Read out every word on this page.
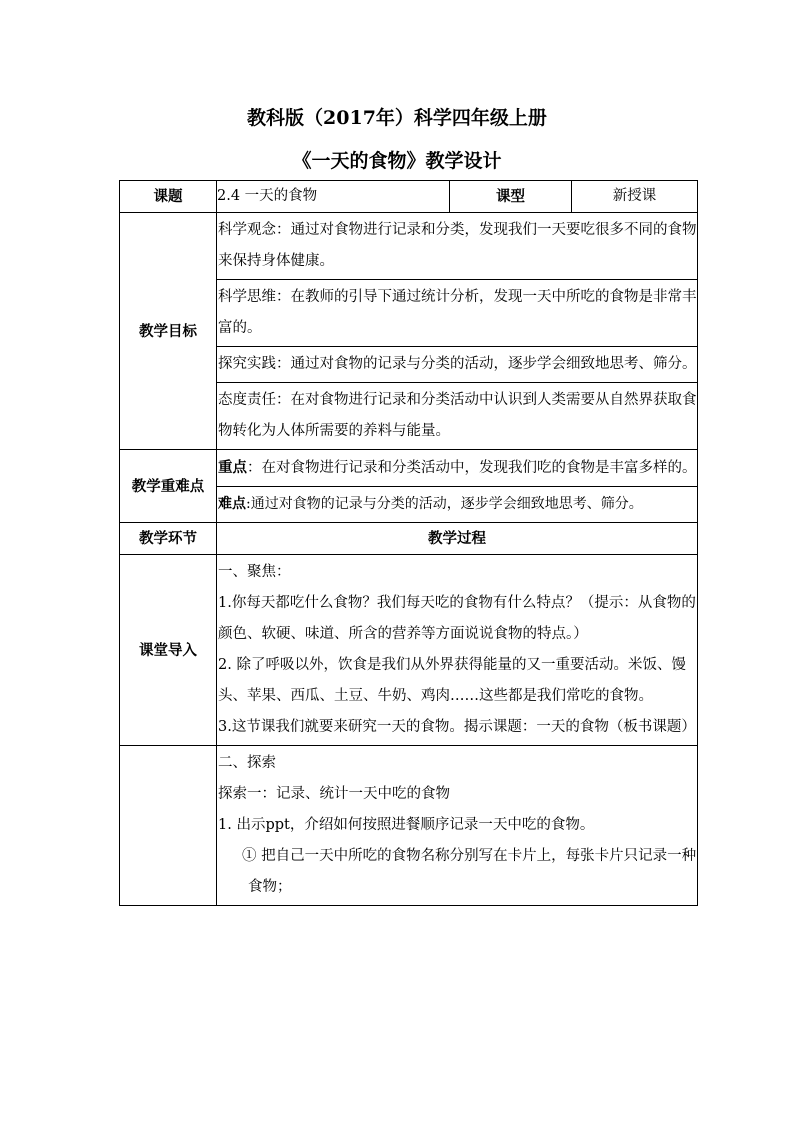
教科版（2017年）科学四年级上册
《一天的食物》教学设计
课题	2.4 一天的食物	课型	新授课
教学目标	科学观念：通过对食物进行记录和分类，发现我们一天要吃很多不同的食物来保持身体健康。		
	科学思维：在教师的引导下通过统计分析，发现一天中所吃的食物是非常丰富的。		
	探究实践：通过对食物的记录与分类的活动，逐步学会细致地思考、筛分。		
	态度责任：在对食物进行记录和分类活动中认识到人类需要从自然界获取食物转化为人体所需要的养料与能量。		
教学重难点	重点：在对食物进行记录和分类活动中，发现我们吃的食物是丰富多样的。		
	难点:通过对食物的记录与分类的活动，逐步学会细致地思考、筛分。		
教学环节	教学过程		
课堂导入	一、聚焦：
1.你每天都吃什么食物？我们每天吃的食物有什么特点？（提示：从食物的颜色、软硬、味道、所含的营养等方面说说食物的特点。）
2. 除了呼吸以外，饮食是我们从外界获得能量的又一重要活动。米饭、馒头、苹果、西瓜、土豆、牛奶、鸡肉……这些都是我们常吃的食物。
3.这节课我们就要来研究一天的食物。揭示课题：一天的食物（板书课题）		

	二、探索
探索一：记录、统计一天中吃的食物
1. 出示ppt，介绍如何按照进餐顺序记录一天中吃的食物。
① 把自己一天中所吃的食物名称分别写在卡片上，每张卡片只记录一种食物；		
